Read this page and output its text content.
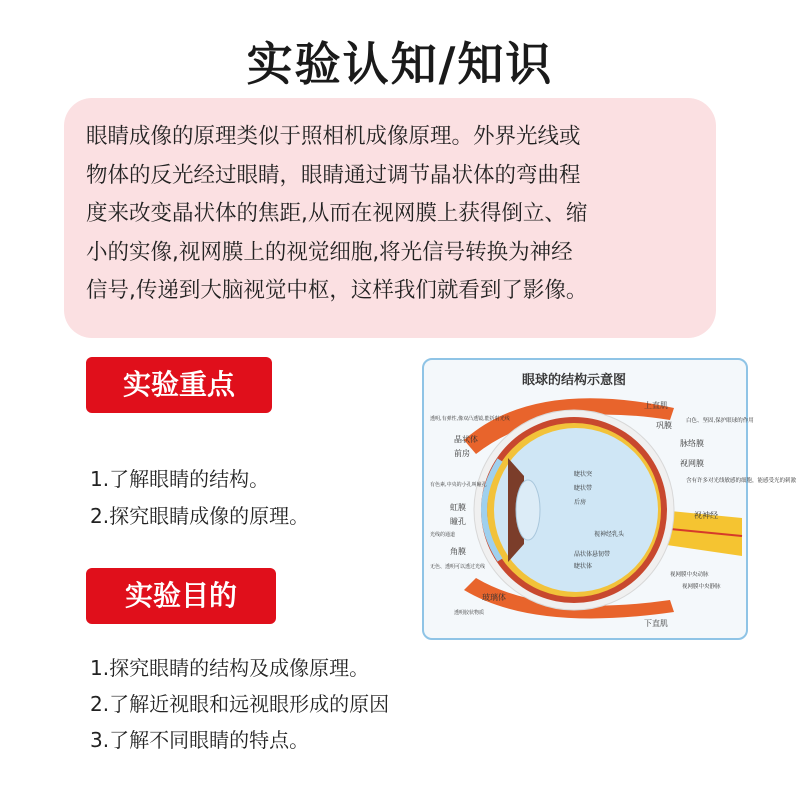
实验认知/知识

眼睛成像的原理类似于照相机成像原理。外界光线或

物体的反光经过眼睛，眼睛通过调节晶状体的弯曲程

度来改变晶状体的焦距,从而在视网膜上获得倒立、缩

小的实像,视网膜上的视觉细胞,将光信号转换为神经

信号,传递到大脑视觉中枢，这样我们就看到了影像。

实验重点
1.了解眼睛的结构。
2.探究眼睛成像的原理。
实验目的
1.探究眼睛的结构及成像原理。
2.了解近视眼和远视眼形成的原因
3.了解不同眼睛的特点。
眼球的结构示意图
上直肌
巩膜	白色、坚固,保护眼球的作用
脉络膜
视网膜
含有许多对光线敏感的细胞，能感受光的刺激
视神经
透明,有弹性,像双凸透镜,能折射光线
晶状体
前房
有色素,中央的小孔叫瞳孔
虹膜
瞳孔
光线的通道
角膜
无色、透明可以透过光线
睫状突
睫状带
后房
视神经乳头
晶状体悬韧带
睫状体
视网膜中央动脉
视网膜中央静脉
玻璃体
透明胶状物质
下直肌
